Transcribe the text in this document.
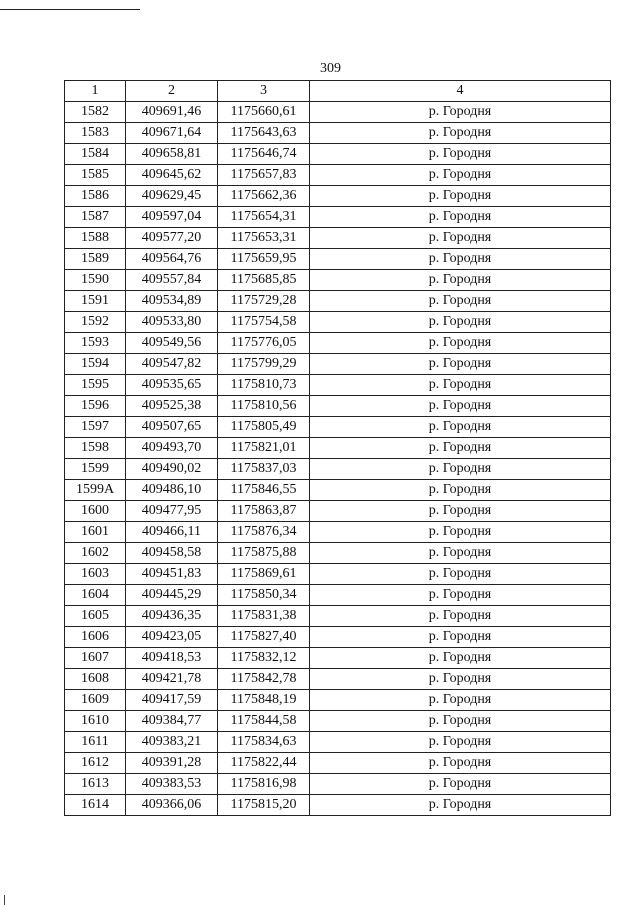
309
1	2	3	4
1582	409691,46	1175660,61	р. Городня
1583	409671,64	1175643,63	р. Городня
1584	409658,81	1175646,74	р. Городня
1585	409645,62	1175657,83	р. Городня
1586	409629,45	1175662,36	р. Городня
1587	409597,04	1175654,31	р. Городня
1588	409577,20	1175653,31	р. Городня
1589	409564,76	1175659,95	р. Городня
1590	409557,84	1175685,85	р. Городня
1591	409534,89	1175729,28	р. Городня
1592	409533,80	1175754,58	р. Городня
1593	409549,56	1175776,05	р. Городня
1594	409547,82	1175799,29	р. Городня
1595	409535,65	1175810,73	р. Городня
1596	409525,38	1175810,56	р. Городня
1597	409507,65	1175805,49	р. Городня
1598	409493,70	1175821,01	р. Городня
1599	409490,02	1175837,03	р. Городня
1599А	409486,10	1175846,55	р. Городня
1600	409477,95	1175863,87	р. Городня
1601	409466,11	1175876,34	р. Городня
1602	409458,58	1175875,88	р. Городня
1603	409451,83	1175869,61	р. Городня
1604	409445,29	1175850,34	р. Городня
1605	409436,35	1175831,38	р. Городня
1606	409423,05	1175827,40	р. Городня
1607	409418,53	1175832,12	р. Городня
1608	409421,78	1175842,78	р. Городня
1609	409417,59	1175848,19	р. Городня
1610	409384,77	1175844,58	р. Городня
1611	409383,21	1175834,63	р. Городня
1612	409391,28	1175822,44	р. Городня
1613	409383,53	1175816,98	р. Городня
1614	409366,06	1175815,20	р. Городня
